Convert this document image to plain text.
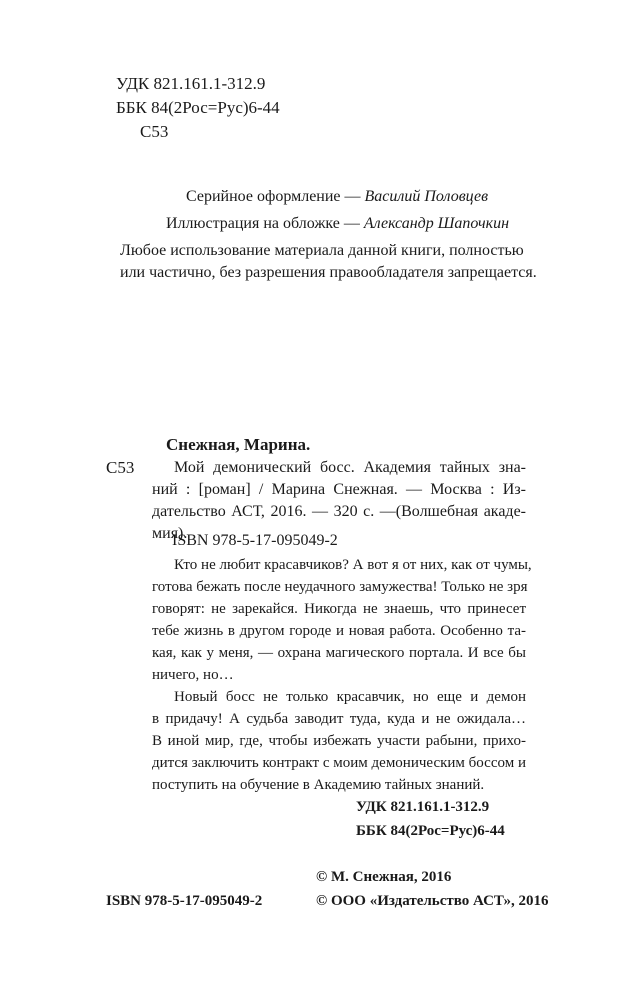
УДК 821.161.1-312.9
ББК 84(2Рос=Рус)6-44
С53
Серийное оформление — Василий Половцев
Иллюстрация на обложке — Александр Шапочкин
Любое использование материала данной книги, полностью
или частично, без разрешения правообладателя запрещается.
Снежная, Марина.
С53	Мой демонический босс. Академия тайных зна-
ний : [роман] / Марина Снежная. — Москва : Из-
дательство АСТ, 2016. — 320 с. —(Волшебная акаде-
мия).
ISBN 978-5-17-095049-2
Кто не любит красавчиков? А вот я от них, как от чумы,
готова бежать после неудачного замужества! Только не зря
говорят: не зарекайся. Никогда не знаешь, что принесет
тебе жизнь в другом городе и новая работа. Особенно та-
кая, как у меня, — охрана магического портала. И все бы
ничего, но…
Новый босс не только красавчик, но еще и демон
в придачу! А судьба заводит туда, куда и не ожидала…
В иной мир, где, чтобы избежать участи рабыни, прихо-
дится заключить контракт с моим демоническим боссом и
поступить на обучение в Академию тайных знаний.
УДК 821.161.1-312.9
ББК 84(2Рос=Рус)6-44
© М. Снежная, 2016
ISBN 978-5-17-095049-2	© ООО «Издательство АСТ», 2016
